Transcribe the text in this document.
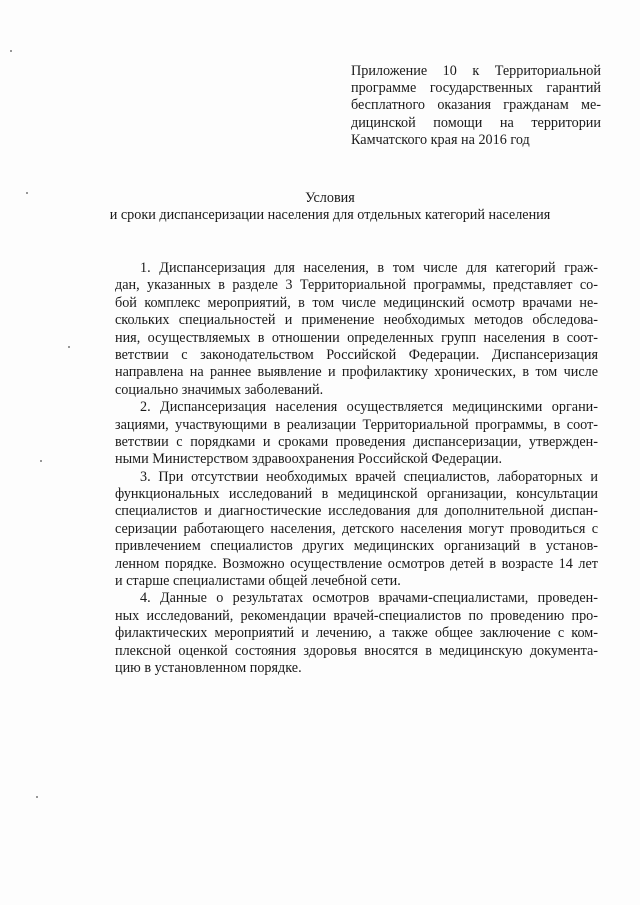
Приложение 10 к Территориальной
программе государственных гарантий
бесплатного оказания гражданам ме-
дицинской помощи на территории
Камчатского края на 2016 год
Условия
и сроки диспансеризации населения для отдельных категорий населения
1. Диспансеризация для населения, в том числе для категорий граж-
дан, указанных в разделе 3 Территориальной программы, представляет со-
бой комплекс мероприятий, в том числе медицинский осмотр врачами не-
скольких специальностей и применение необходимых методов обследова-
ния, осуществляемых в отношении определенных групп населения в соот-
ветствии с законодательством Российской Федерации. Диспансеризация
направлена на раннее выявление и профилактику хронических, в том числе
социально значимых заболеваний.
2. Диспансеризация населения осуществляется медицинскими органи-
зациями, участвующими в реализации Территориальной программы, в соот-
ветствии с порядками и сроками проведения диспансеризации, утвержден-
ными Министерством здравоохранения Российской Федерации.
3. При отсутствии необходимых врачей специалистов, лабораторных и
функциональных исследований в медицинской организации, консультации
специалистов и диагностические исследования для дополнительной диспан-
серизации работающего населения, детского населения могут проводиться с
привлечением специалистов других медицинских организаций в установ-
ленном порядке. Возможно осуществление осмотров детей в возрасте 14 лет
и старше специалистами общей лечебной сети.
4. Данные о результатах осмотров врачами-специалистами, проведен-
ных исследований, рекомендации врачей-специалистов по проведению про-
филактических мероприятий и лечению, а также общее заключение с ком-
плексной оценкой состояния здоровья вносятся в медицинскую документа-
цию в установленном порядке.
